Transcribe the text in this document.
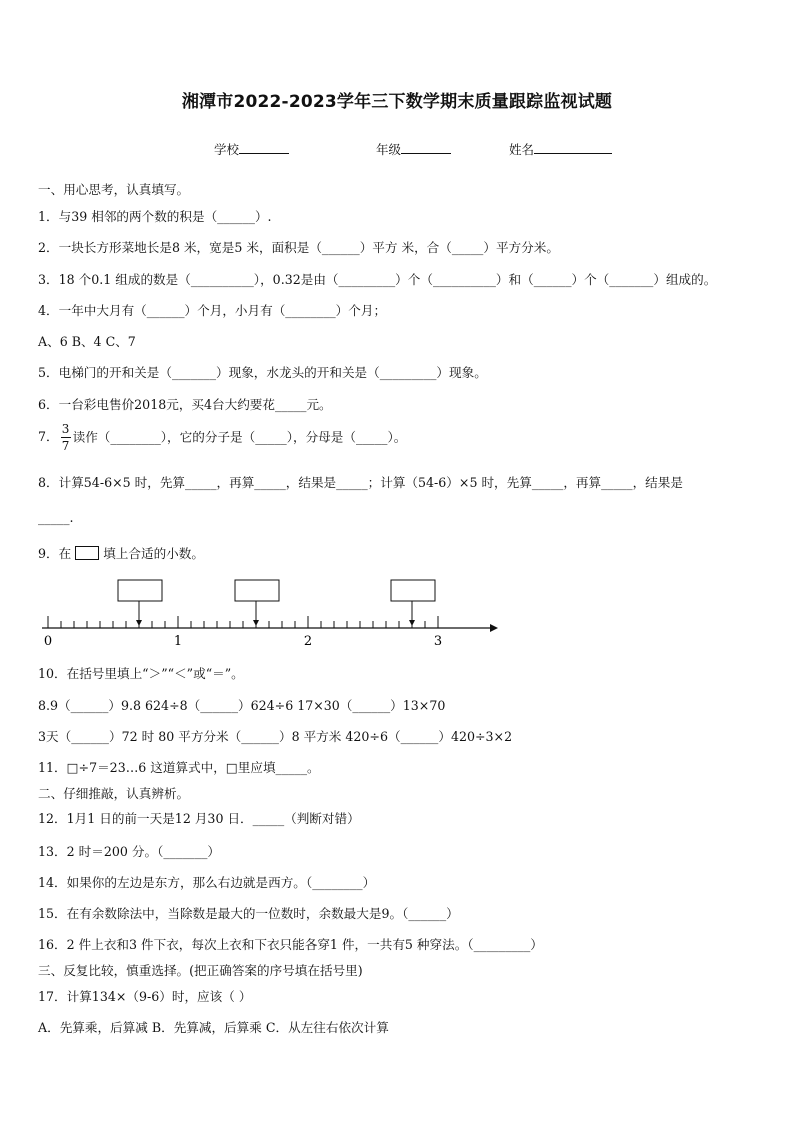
湘潭市2022-2023学年三下数学期末质量跟踪监视试题
学校	年级	姓名
一、用心思考，认真填写。
1．与39 相邻的两个数的积是（______）.
2．一块长方形菜地长是8 米，宽是5 米，面积是（______）平方 米，合（_____）平方分米。
3．18 个0.1 组成的数是（__________），0.32是由（_________）个（__________）和（______）个（_______）组成的。
4．一年中大月有（______）个月，小月有（________）个月；
A、6 B、4 C、7
5．电梯门的开和关是（_______）现象，水龙头的开和关是（_________）现象。
6．一台彩电售价2018元，买4台大约要花_____元。
7． $\frac{3}{7}$ 读作（________），它的分子是（_____），分母是（_____）。
8．计算54-6×5 时，先算_____，再算_____，结果是_____；计算（54-6）×5 时，先算_____，再算_____，结果是
_____.
9．在	填上合适的小数。
0	1	2	3
10．在括号里填上“＞”“＜”或“＝”。
8.9（______）9.8 624÷8（______）624÷6 17×30（______）13×70
3天（______）72 时 80 平方分米（______）8 平方米 420÷6（______）420÷3×2
11．□÷7＝23…6 这道算式中，□里应填_____。
二、仔细推敲，认真辨析。
12．1月1 日的前一天是12 月30 日．_____（判断对错）
13．2 时＝200 分。（_______）
14．如果你的左边是东方，那么右边就是西方。（________）
15．在有余数除法中，当除数是最大的一位数时，余数最大是9。（______）
16．2 件上衣和3 件下衣，每次上衣和下衣只能各穿1 件，一共有5 种穿法。（_________）
三、反复比较，慎重选择。(把正确答案的序号填在括号里)
17．计算134×（9-6）时，应该（ ）
A．先算乘，后算减 B．先算减，后算乘 C．从左往右依次计算
